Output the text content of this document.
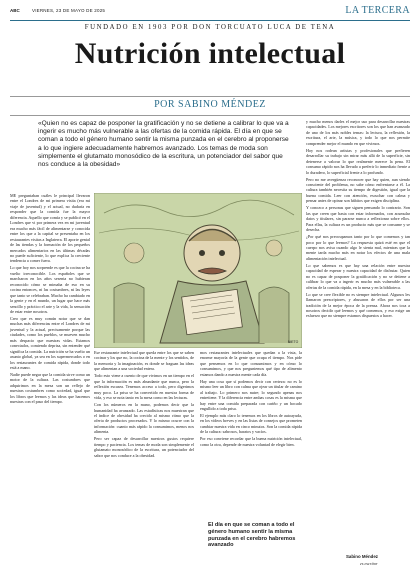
ABC	VIERNES, 23 DE MAYO DE 2025	LA TERCERA
FUNDADO EN 1903 POR DON TORCUATO LUCA DE TENA
Nutrición intelectual
POR SABINO MÉNDEZ
«Quien no es capaz de posponer la gratificación y no se detiene a calibrar lo que va a ingerir es mucho más vulnerable a las ofertas de la comida rápida. El día en que se coman a todo el género humano sentir la misma punzada en el cerebro al proponerse a lo que ingiere adecuadamente habremos avanzado. Los temas de moda son simplemente el glutamato monosódico de la escritura, un potenciador del sabor que nos conduce a la obesidad»

ME preguntaban cuáles le principal llevaron entre el Londres de mi primera visita (era mi viaje de juventud) y el actual, no dudaría en responder que la comida fue la mayor diferencia. Aquello que comía y se publicó en el Londres que vi por primera vez en mi juventud era mucho más fácil de alimentarse y conocida entre los que a la capital se presentaba en los restaurantes visitas a Inglaterra. El aporte genial de las tiendas y la formación de los pequeños mercados alimentarios en las últimas décadas no puede suficiente, lo que explica la creciente tendencia a comer fuera.

Lo que hoy nos sorprende es que la cocina se ha vuelto irreconocible. Los españoles que se marcharon en los años sesenta no hubieran reconocido cómo se mimaba de eso en su cocina entonces, ni las costumbres, ni las leyes que tanto se celebraban. Mucho ha cambiado en la gente y en el mundo, un lugar que hace más sencillo y práctico el arte y la vida, la sensación de estar entre nosotros.

Creo que es muy común notar que se dan muchas más diferencias entre el Londres de mi juventud y la actual, precisamente porque las ciudades, como los pueblos, se mueven mucho más despacio que nuestras vidas. Estamos conectados, comiendo deprisa, sin entender qué significa la comida. La nutrición se ha vuelto un asunto global, ya sea en los supermercados o en los restaurantes de comida rápida, donde todo está a mano.

Nadie puede negar que la comida sirve como un motor de la cultura. Las costumbres que adquirimos en la mesa son un reflejo de nuestras costumbres como sociedad, igual que los libros que leemos y las ideas que hacemos nuestras con el paso del tiempo.

NIETO

Ese restaurante intelectual que queda entre los que se saben cocinar y los que no, la cocina de la mente y los sentidos, de la memoria y la imaginación, es donde se fraguan las ideas que alimentan a una sociedad entera.

Todo esto viene a cuento de que vivimos en un tiempo en el que la información es más abundante que nunca, pero la reflexión escasea. Tenemos acceso a todo, pero digerimos muy poco. La prisa se ha convertido en nuestra forma de vida, y eso se nota tanto en la mesa como en las lecturas.

Con los números en la mano, podemos decir que la humanidad ha avanzado. Las estadísticas nos muestran que el índice de obesidad ha crecido al mismo ritmo que la oferta de productos procesados. Y lo mismo ocurre con la información: cuanto más rápido la consumimos, menos nos alimenta.

Pero ser capaz de desarrollar nuestros gustos requiere tiempo y paciencia. Los temas de moda son simplemente el glutamato monosódico de la escritura, un potenciador del sabor que nos conduce a la obesidad.

mos restaurantes intelectuales que quedan a la vista, la enorme mayoría de la gente que ocupa el tiempo. Nos pide que pensemos en lo que consumimos y en cómo lo consumimos, y que nos preguntemos qué tipo de alimento estamos dando a nuestra mente cada día.

Hay una cosa que sí podemos decir con certeza: no es lo mismo leer un libro con calma que ojear un titular de camino al trabajo. Lo primero nos nutre; lo segundo apenas nos entretiene. Y la diferencia entre ambas cosas es la misma que hay entre una comida preparada con cariño y un bocado engullido a toda prisa.

El ejemplo más claro lo tenemos en los libros de autoayuda, en los vídeos breves y en las listas de consejos que prometen cambiar nuestra vida en cinco minutos. Son la comida rápida de la cultura: sabrosos, baratos y vacíos.

Por eso conviene recordar que la buena nutrición intelectual, como la otra, depende de nuestra voluntad de elegir bien.

El día en que se coman a todo el género humano sentir la misma punzada en el cerebro habremos avanzado

y mucho menos darles el mejor uso para desarrollar nuestras capacidades. Los mejores escritores son los que han avanzado de uno de los más nobles temas: la lectura, la reflexión, la escritura, el arte, la música, y todo lo que nos permite comprender mejor el mundo en que vivimos.

Hoy nos rodean artistas y profesionales que prefieren desarrollar su trabajo sin mirar más allá de la superficie, sin detenerse a valorar lo que realmente merece la pena. El consumo rápido nos ha llevado a preferir lo inmediato frente a lo duradero, lo superficial frente a lo profundo.

Pero no me avergüenza reconocer que hay quien, aun siendo consciente del problema, no sabe cómo enfrentarse a él. La cultura también necesita su tiempo de digestión, igual que la buena comida. Leer con atención, escuchar con calma y pensar antes de opinar son hábitos que exigen disciplina.

Y conozco a personas que siguen pensando lo contrario. Son las que creen que basta con estar informados, con acumular datos y titulares, sin pararse nunca a reflexionar sobre ellos. Para ellas, la cultura es un producto más que se consume y se desecha.

¿Por qué nos preocupamos tanto por lo que comemos y tan poco por lo que leemos? La respuesta quizá esté en que el cuerpo nos avisa cuando algo le sienta mal, mientras que la mente tarda mucho más en notar los efectos de una mala alimentación intelectual.

Lo que sabemos es que hay una relación entre nuestra capacidad de esperar y nuestra capacidad de disfrutar. Quien no es capaz de posponer la gratificación y no se detiene a calibrar lo que va a ingerir es mucho más vulnerable a las ofertas de la comida rápida, en la mesa y en la biblioteca.

Lo que se cree flexible no es siempre intelectual. Algunos les llamaron prescriptores, y abusaron de ellos por ser una tradición de la mejor época de la prensa. Ahora nos toca a nosotros decidir qué leemos y qué comemos, y eso exige un esfuerzo que no siempre estamos dispuestos a hacer.

Sabino Méndez
es escritor
